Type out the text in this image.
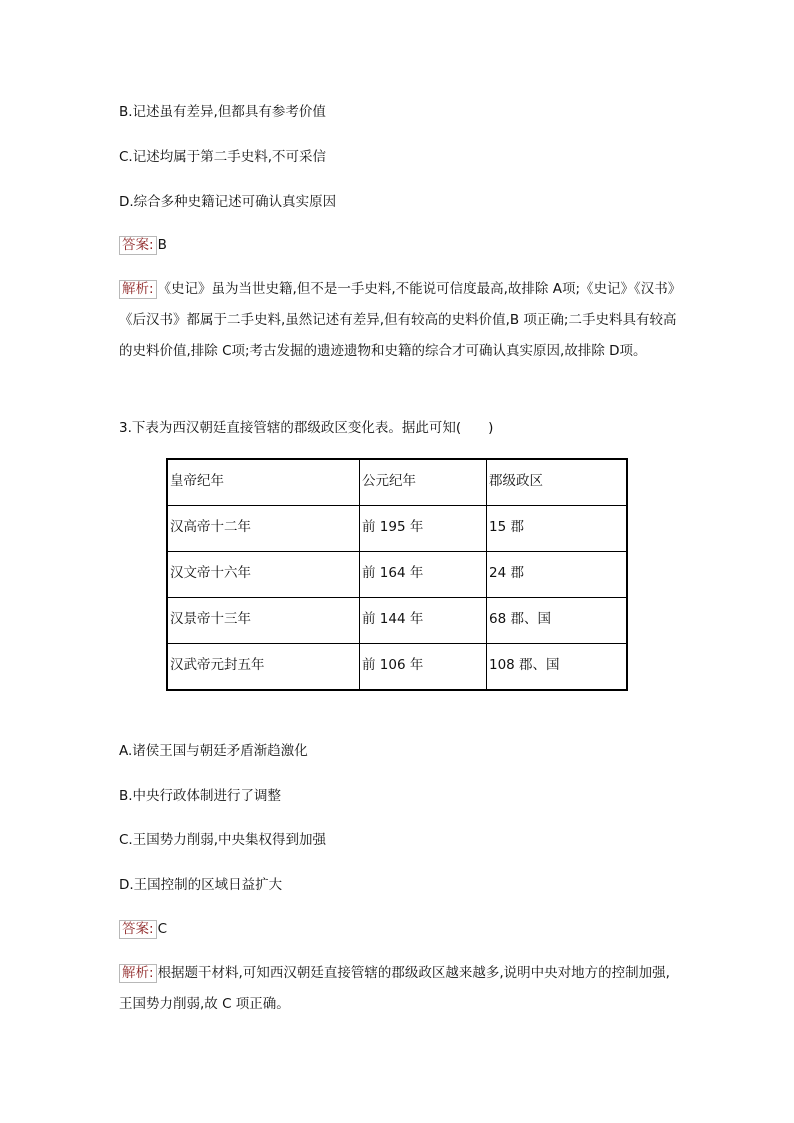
B.记述虽有差异,但都具有参考价值
C.记述均属于第二手史料,不可采信
D.综合多种史籍记述可确认真实原因
答案: B
解析: 《史记》虽为当世史籍,但不是一手史料,不能说可信度最高,故排除 A项;《史记》《汉书》《后汉书》都属于二手史料,虽然记述有差异,但有较高的史料价值,B 项正确;二手史料具有较高的史料价值,排除 C项;考古发掘的遗迹遗物和史籍的综合才可确认真实原因,故排除 D项。
3.下表为西汉朝廷直接管辖的郡级政区变化表。据此可知(　　)
皇帝纪年	公元纪年	郡级政区
汉高帝十二年	前 195 年	15 郡
汉文帝十六年	前 164 年	24 郡
汉景帝十三年	前 144 年	68 郡、国
汉武帝元封五年	前 106 年	108 郡、国
A.诸侯王国与朝廷矛盾渐趋激化
B.中央行政体制进行了调整
C.王国势力削弱,中央集权得到加强
D.王国控制的区域日益扩大
答案: C
解析: 根据题干材料,可知西汉朝廷直接管辖的郡级政区越来越多,说明中央对地方的控制加强,王国势力削弱,故 C 项正确。
